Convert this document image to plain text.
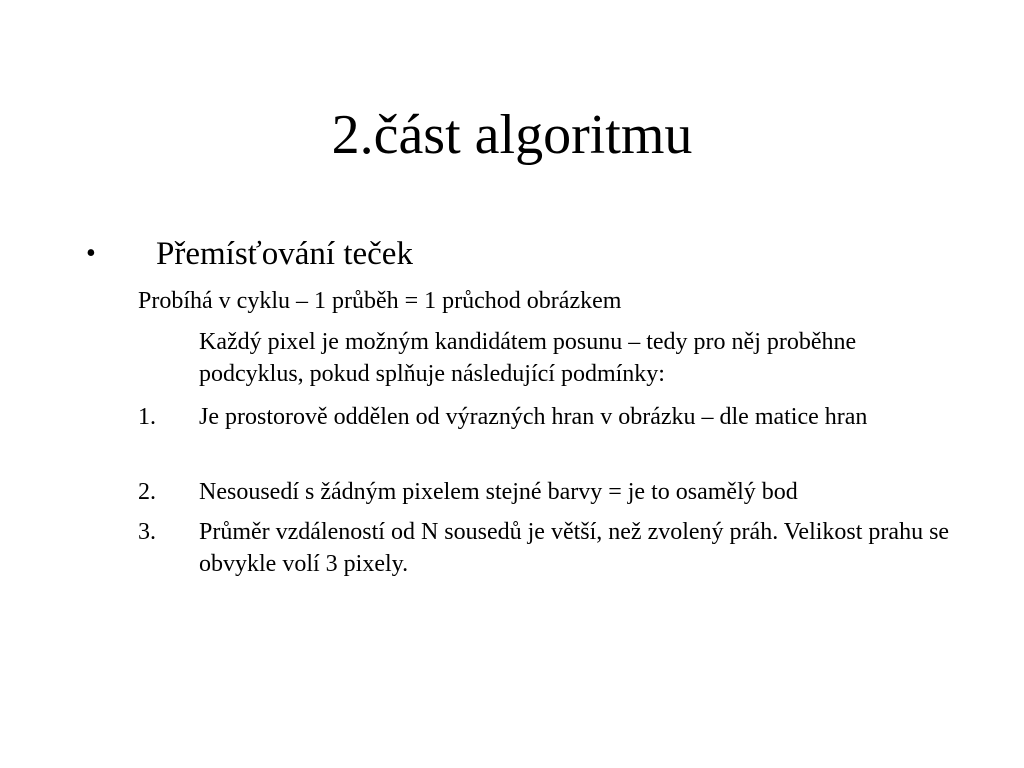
2.část algoritmu
•	Přemísťování teček
Probíhá v cyklu – 1 průběh = 1 průchod obrázkem
Každý pixel je možným kandidátem posunu – tedy pro něj proběhne podcyklus, pokud splňuje následující podmínky:
1.	Je prostorově oddělen od výrazných hran v obrázku – dle matice hran
2.	Nesousedí s žádným pixelem stejné barvy = je to osamělý bod
3.	Průměr vzdáleností od N sousedů je větší, než zvolený práh. Velikost prahu se obvykle volí 3 pixely.
